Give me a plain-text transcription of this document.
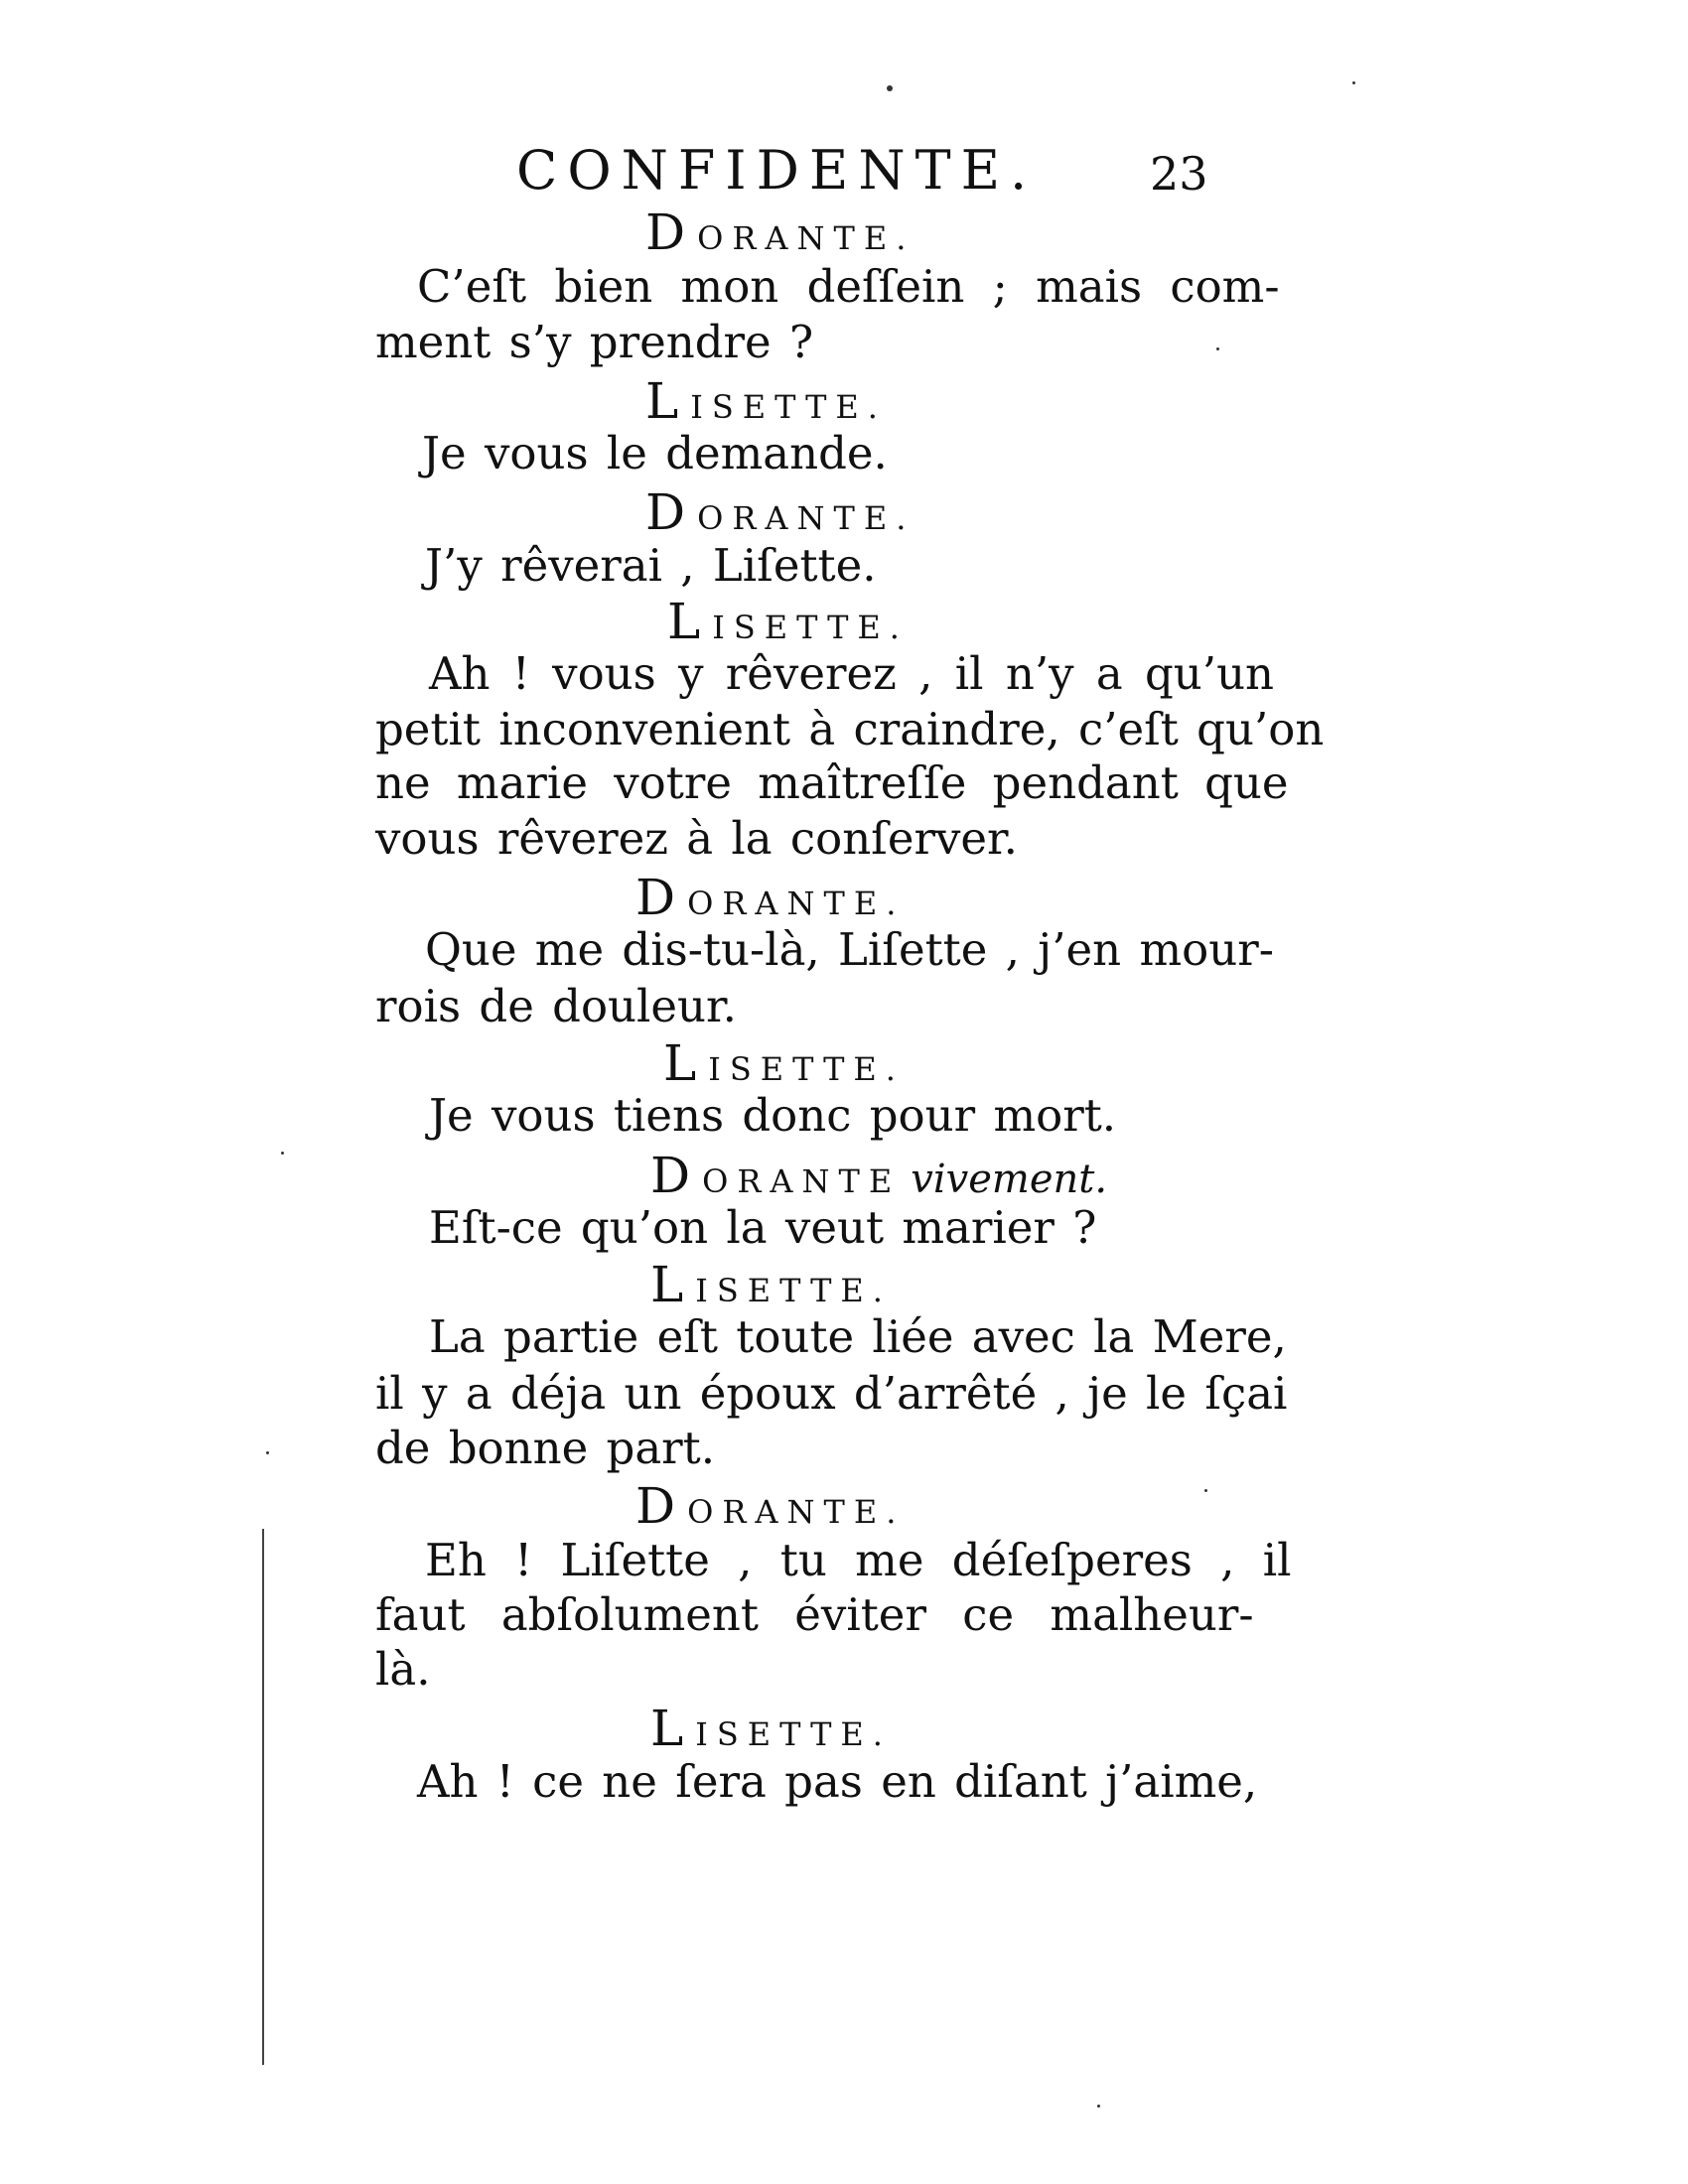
CONFIDENTE. 23
DORANTE.
C’eſt bien mon deſſein ; mais com-
ment s’y prendre ?
LISETTE.
Je vous le demande.
DORANTE.
J’y rêverai , Liſette.
LISETTE.
Ah ! vous y rêverez , il n’y a qu’un
petit inconvenient à craindre, c’eſt qu’on
ne marie votre maîtreſſe pendant que
vous rêverez à la conſerver.
DORANTE.
Que me dis-tu-là, Liſette , j’en mour-
rois de douleur.
LISETTE.
Je vous tiens donc pour mort.
DORANTE vivement.
Eſt-ce qu’on la veut marier ?
LISETTE.
La partie eſt toute liée avec la Mere,
il y a déja un époux d’arrêté , je le ſçai
de bonne part.
DORANTE.
Eh ! Liſette , tu me déſeſperes , il
faut abſolument éviter ce malheur-
là.
LISETTE.
Ah ! ce ne ſera pas en diſant j’aime,
